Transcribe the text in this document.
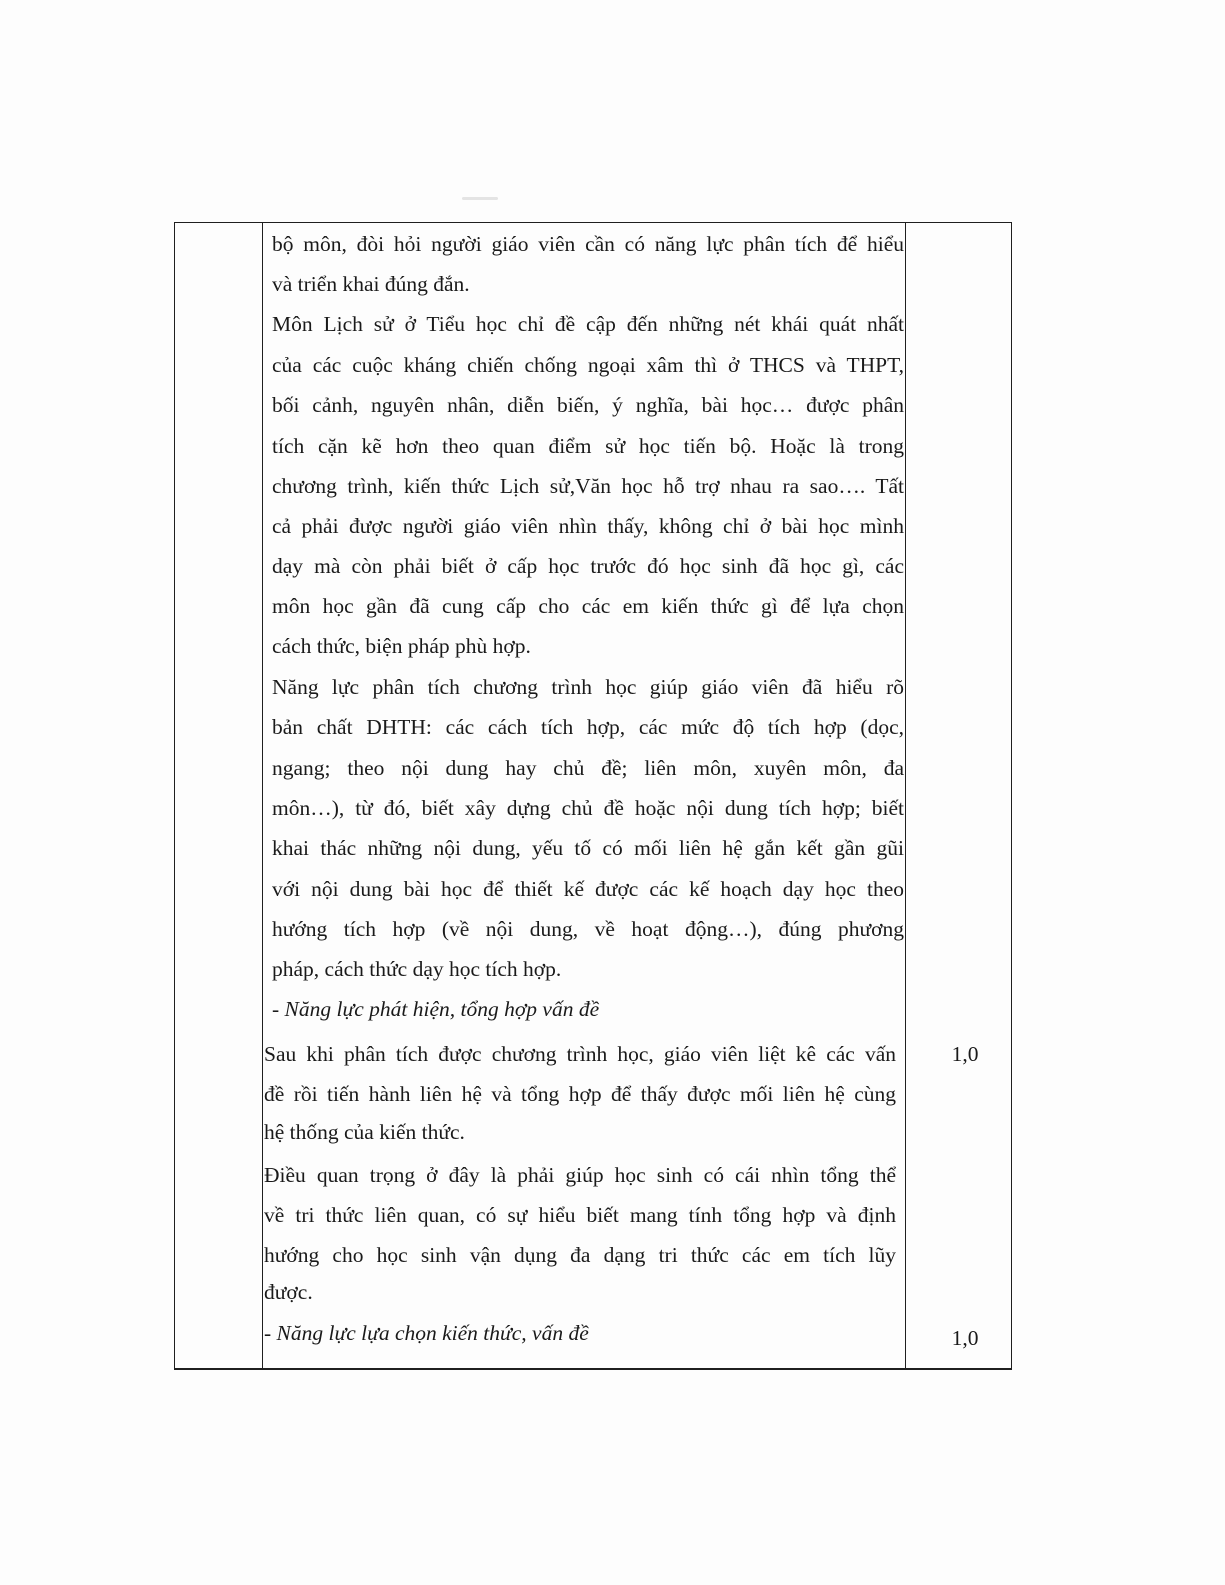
bộ môn, đòi hỏi người giáo viên cần có năng lực phân tích để hiểu
và triển khai đúng đắn.
Môn Lịch sử ở Tiểu học chỉ đề cập đến những nét khái quát nhất
của các cuộc kháng chiến chống ngoại xâm thì ở THCS và THPT,
bối cảnh, nguyên nhân, diễn biến, ý nghĩa, bài học… được phân
tích cặn kẽ hơn theo quan điểm sử học tiến bộ. Hoặc là trong
chương trình, kiến thức Lịch sử,Văn học hỗ trợ nhau ra sao…. Tất
cả phải được người giáo viên nhìn thấy, không chỉ ở bài học mình
dạy mà còn phải biết ở cấp học trước đó học sinh đã học gì, các
môn học gần đã cung cấp cho các em kiến thức gì để lựa chọn
cách thức, biện pháp phù hợp.
Năng lực phân tích chương trình học giúp giáo viên đã hiểu rõ
bản chất DHTH: các cách tích hợp, các mức độ tích hợp (dọc,
ngang; theo nội dung hay chủ đề; liên môn, xuyên môn, đa
môn…), từ đó, biết xây dựng chủ đề hoặc nội dung tích hợp; biết
khai thác những nội dung, yếu tố có mối liên hệ gắn kết gần gũi
với nội dung bài học để thiết kế được các kế hoạch dạy học theo
hướng tích hợp (về nội dung, về hoạt động…), đúng phương
pháp, cách thức dạy học tích hợp.
- Năng lực phát hiện, tổng hợp vấn đề
Sau khi phân tích được chương trình học, giáo viên liệt kê các vấn
đề rồi tiến hành liên hệ và tổng hợp để thấy được mối liên hệ cùng
hệ thống của kiến thức.
Điều quan trọng ở đây là phải giúp học sinh có cái nhìn tổng thể
về tri thức liên quan, có sự hiểu biết mang tính tổng hợp và định
hướng cho học sinh vận dụng đa dạng tri thức các em tích lũy
được.
- Năng lực lựa chọn kiến thức, vấn đề
1,0
1,0
